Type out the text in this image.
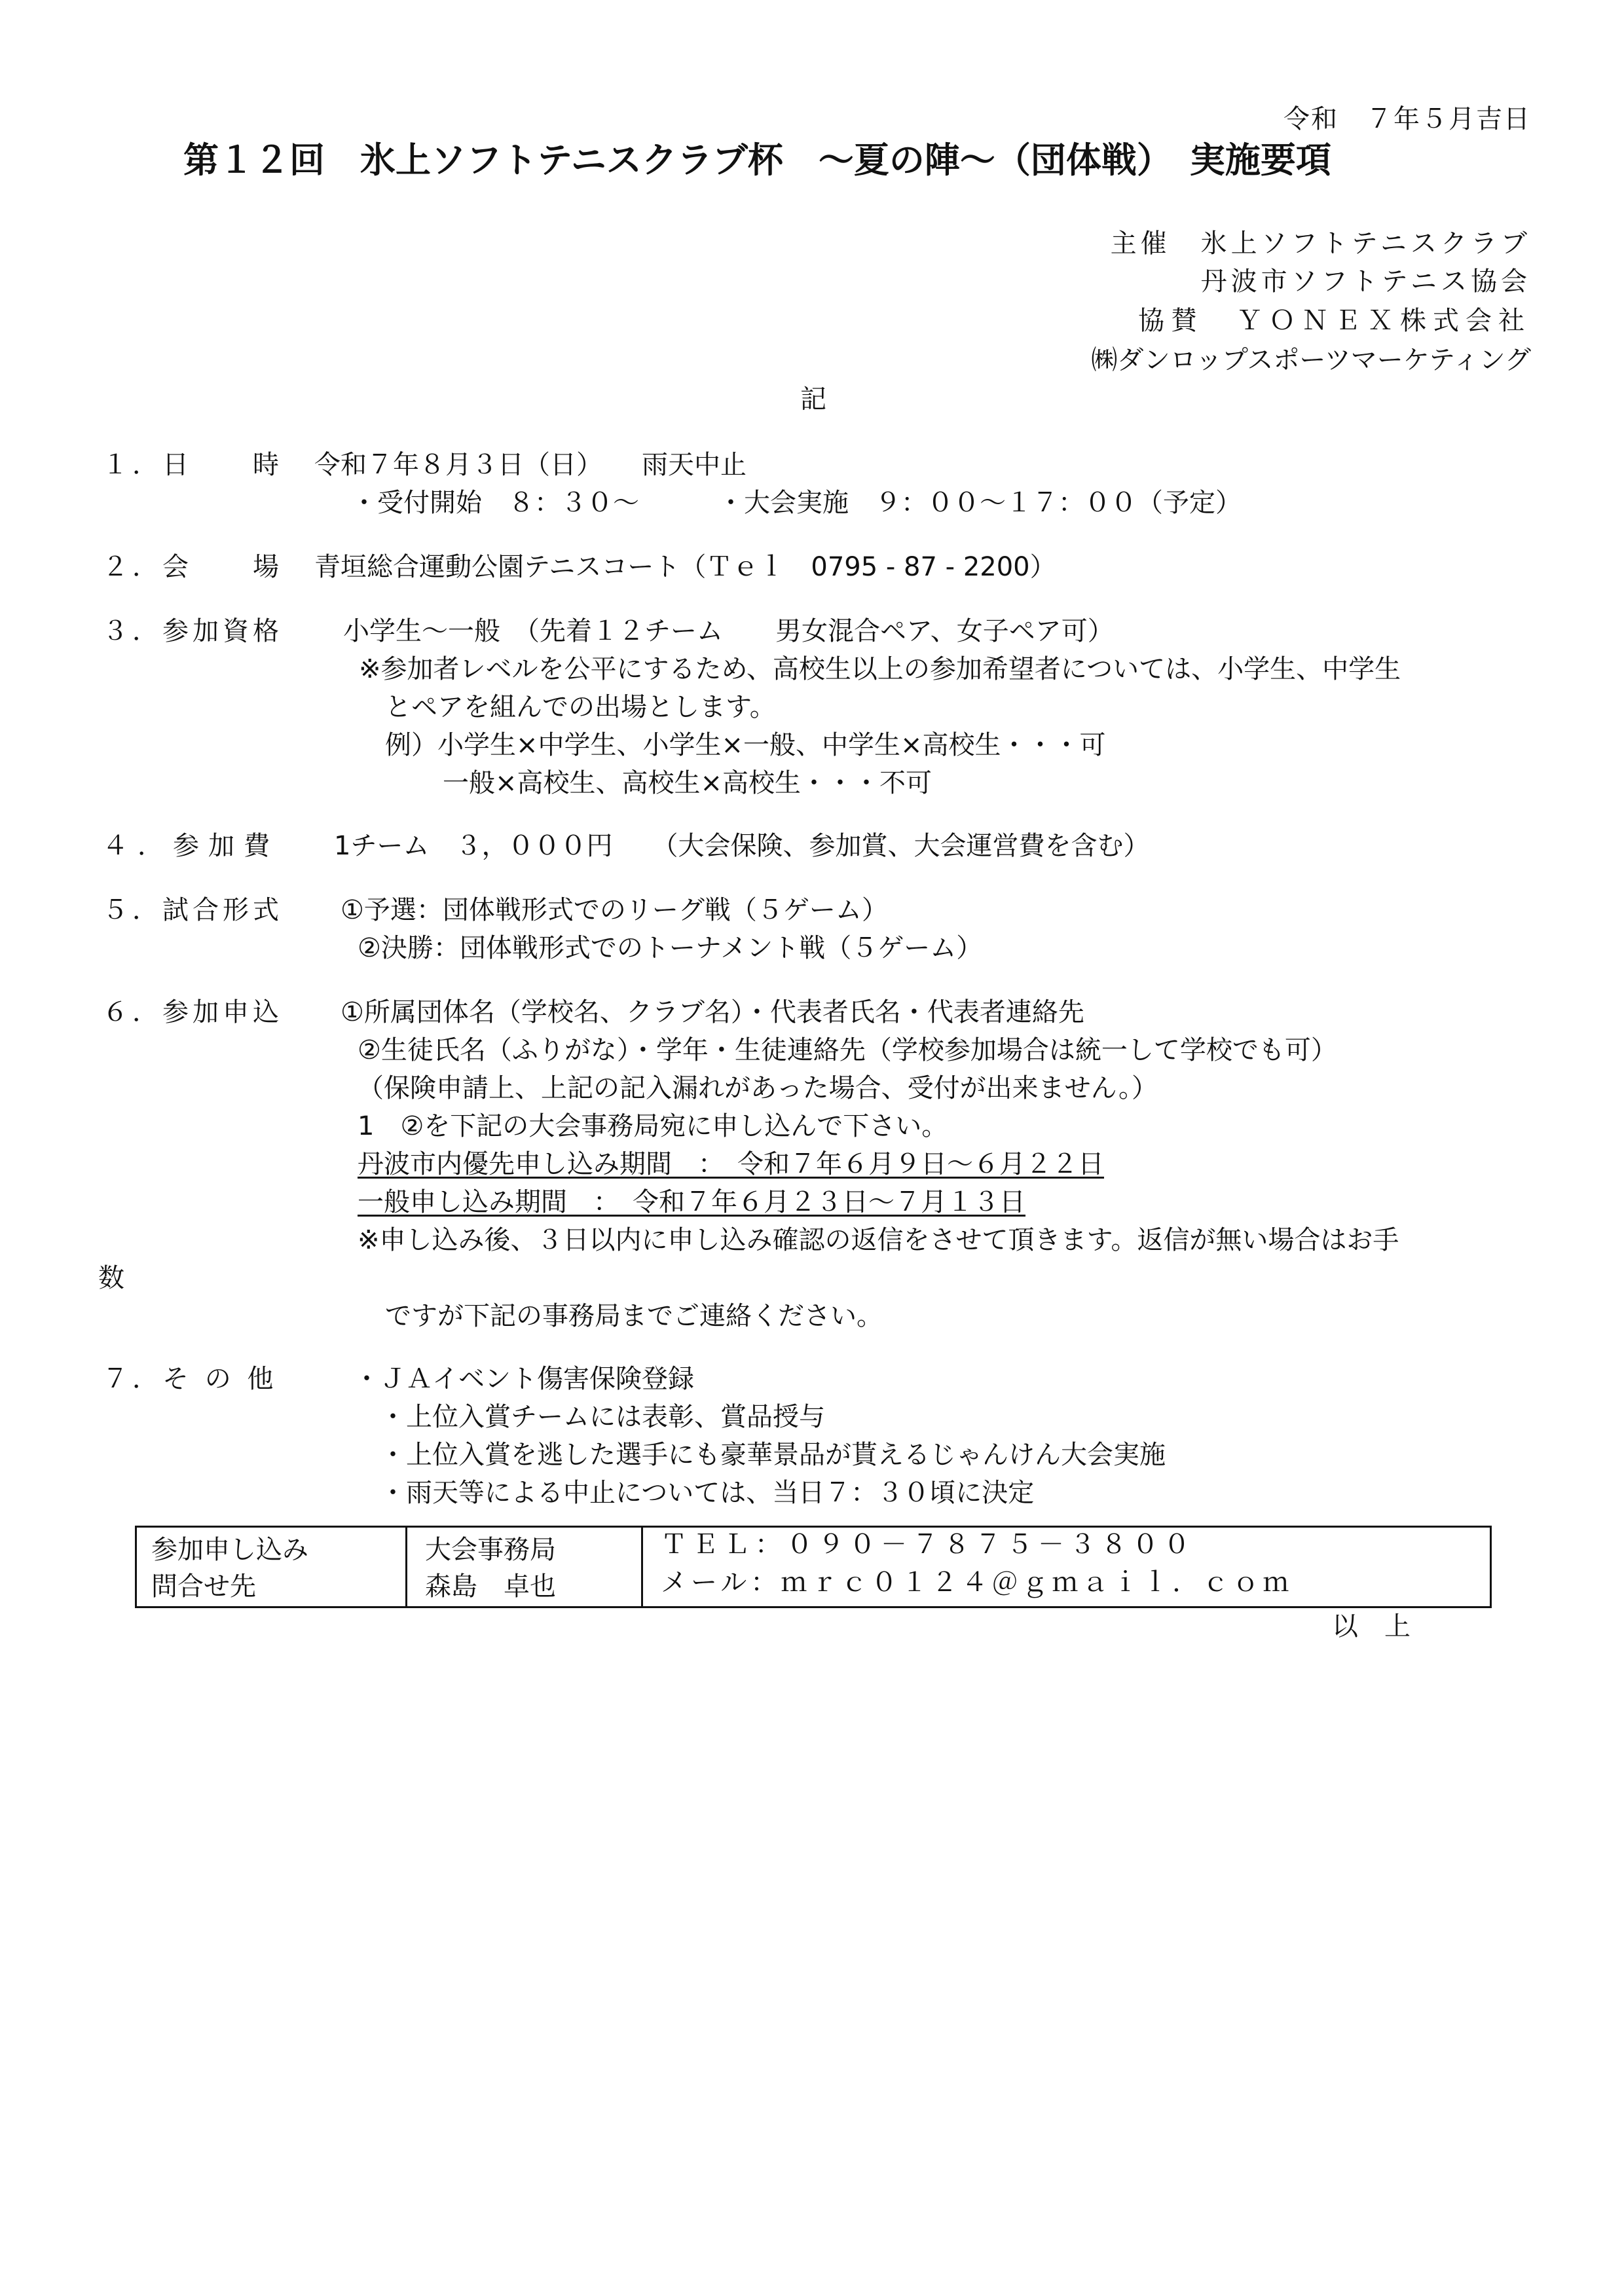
令和　７年５月吉日
第１２回　氷上ソフトテニスクラブ杯　～夏の陣～（団体戦）　実施要項
主催　氷上ソフトテニスクラブ
丹波市ソフトテニス協会
協賛　ＹＯＮＥＸ株式会社
㈱ダンロップスポーツマーケティング
記
１．日　　時 令和７年８月３日（日）　　雨天中止
・受付開始　８：３０～　　　・大会実施　９：００～１７：００（予定）
２．会　　場 青垣総合運動公園テニスコート（Ｔｅｌ　0795 - 87 - 2200）
３．参加資格 小学生～一般　（先着１２チーム　　男女混合ペア、女子ペア可）
※参加者レベルを公平にするため、高校生以上の参加希望者については、小学生、中学生
とペアを組んでの出場とします。
例）小学生×中学生、小学生×一般、中学生×高校生・・・可
一般×高校生、高校生×高校生・・・不可
４．参加費 1チーム　３，０００円　　（大会保険、参加賞、大会運営費を含む）
５．試合形式 ①予選：団体戦形式でのリーグ戦（５ゲーム）
②決勝：団体戦形式でのトーナメント戦（５ゲーム）
６．参加申込 ①所属団体名（学校名、クラブ名）・代表者氏名・代表者連絡先
②生徒氏名（ふりがな）・学年・生徒連絡先（学校参加場合は統一して学校でも可）
（保険申請上、上記の記入漏れがあった場合、受付が出来ません。）
1　②を下記の大会事務局宛に申し込んで下さい。
丹波市内優先申し込み期間　：　令和７年６月９日～６月２２日
一般申し込み期間　：　令和７年６月２３日～７月１３日
※申し込み後、３日以内に申し込み確認の返信をさせて頂きます。返信が無い場合はお手
数
ですが下記の事務局までご連絡ください。
７．そ の 他	・ＪＡイベント傷害保険登録
・上位入賞チームには表彰、賞品授与
・上位入賞を逃した選手にも豪華景品が貰えるじゃんけん大会実施
・雨天等による中止については、当日７：３０頃に決定
参加申し込み
問合せ先
大会事務局
森島　卓也
ＴＥＬ：０９０－７８７５－３８００
メール：ｍｒｃ０１２４＠ｇｍａｉｌ．ｃｏｍ
以　上
